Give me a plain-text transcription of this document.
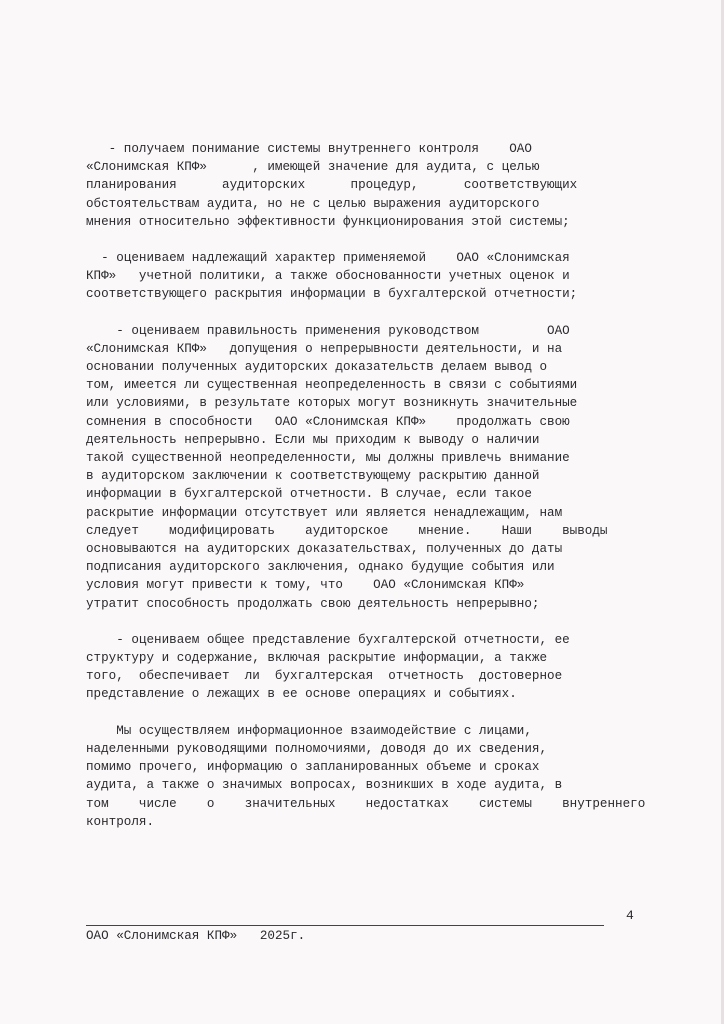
- получаем понимание системы внутреннего контроля    ОАО
«Слонимская КПФ»      , имеющей значение для аудита, с целью
планирования      аудиторских      процедур,      соответствующих
обстоятельствам аудита, но не с целью выражения аудиторского
мнения относительно эффективности функционирования этой системы;
- оцениваем надлежащий характер применяемой    ОАО «Слонимская
КПФ»   учетной политики, а также обоснованности учетных оценок и
соответствующего раскрытия информации в бухгалтерской отчетности;
- оцениваем правильность применения руководством         ОАО
«Слонимская КПФ»   допущения о непрерывности деятельности, и на
основании полученных аудиторских доказательств делаем вывод о
том, имеется ли существенная неопределенность в связи с событиями
или условиями, в результате которых могут возникнуть значительные
сомнения в способности   ОАО «Слонимская КПФ»    продолжать свою
деятельность непрерывно. Если мы приходим к выводу о наличии
такой существенной неопределенности, мы должны привлечь внимание
в аудиторском заключении к соответствующему раскрытию данной
информации в бухгалтерской отчетности. В случае, если такое
раскрытие информации отсутствует или является ненадлежащим, нам
следует    модифицировать    аудиторское    мнение.    Наши    выводы
основываются на аудиторских доказательствах, полученных до даты
подписания аудиторского заключения, однако будущие события или
условия могут привести к тому, что    ОАО «Слонимская КПФ»
утратит способность продолжать свою деятельность непрерывно;
- оцениваем общее представление бухгалтерской отчетности, ее
структуру и содержание, включая раскрытие информации, а также
того,  обеспечивает  ли  бухгалтерская  отчетность  достоверное
представление о лежащих в ее основе операциях и событиях.
Мы осуществляем информационное взаимодействие с лицами,
наделенными руководящими полномочиями, доводя до их сведения,
помимо прочего, информацию о запланированных объеме и сроках
аудита, а также о значимых вопросах, возникших в ходе аудита, в
том    числе    о    значительных    недостатках    системы    внутреннего
контроля.
4
ОАО «Слонимская КПФ» 2025г.
